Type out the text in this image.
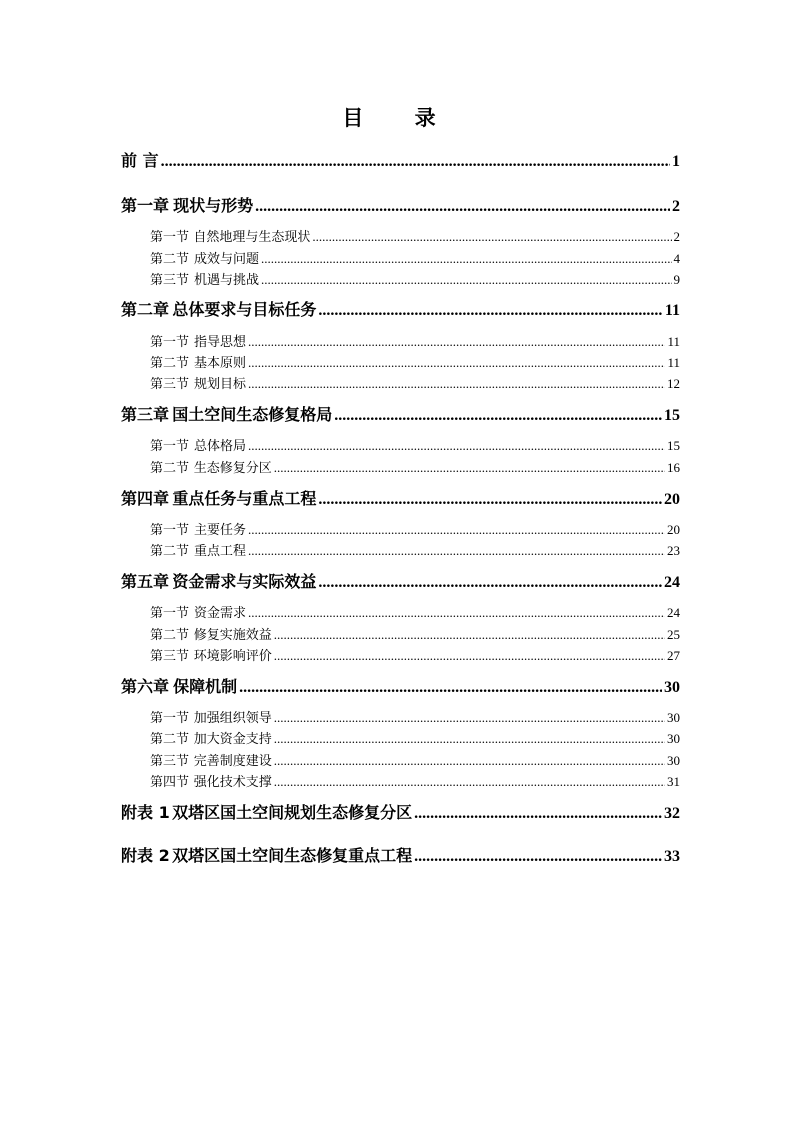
目 录
前 言 .....	1
第一章 现状与形势 .....	2
第一节 自然地理与生态现状 .....	2
第二节 成效与问题 .....	4
第三节 机遇与挑战 .....	9
第二章 总体要求与目标任务 .....	11
第一节 指导思想 .....	11
第二节 基本原则 .....	11
第三节 规划目标 .....	12
第三章 国土空间生态修复格局 .....	15
第一节 总体格局 .....	15
第二节 生态修复分区 .....	16
第四章 重点任务与重点工程 .....	20
第一节 主要任务 .....	20
第二节 重点工程 .....	23
第五章 资金需求与实际效益 .....	24
第一节 资金需求 .....	24
第二节 修复实施效益 .....	25
第三节 环境影响评价 .....	27
第六章 保障机制 .....	30
第一节 加强组织领导 .....	30
第二节 加大资金支持 .....	30
第三节 完善制度建设 .....	30
第四节 强化技术支撑 .....	31
附表 1 双塔区国土空间规划生态修复分区 .....	32
附表 2 双塔区国土空间生态修复重点工程 .....	33
